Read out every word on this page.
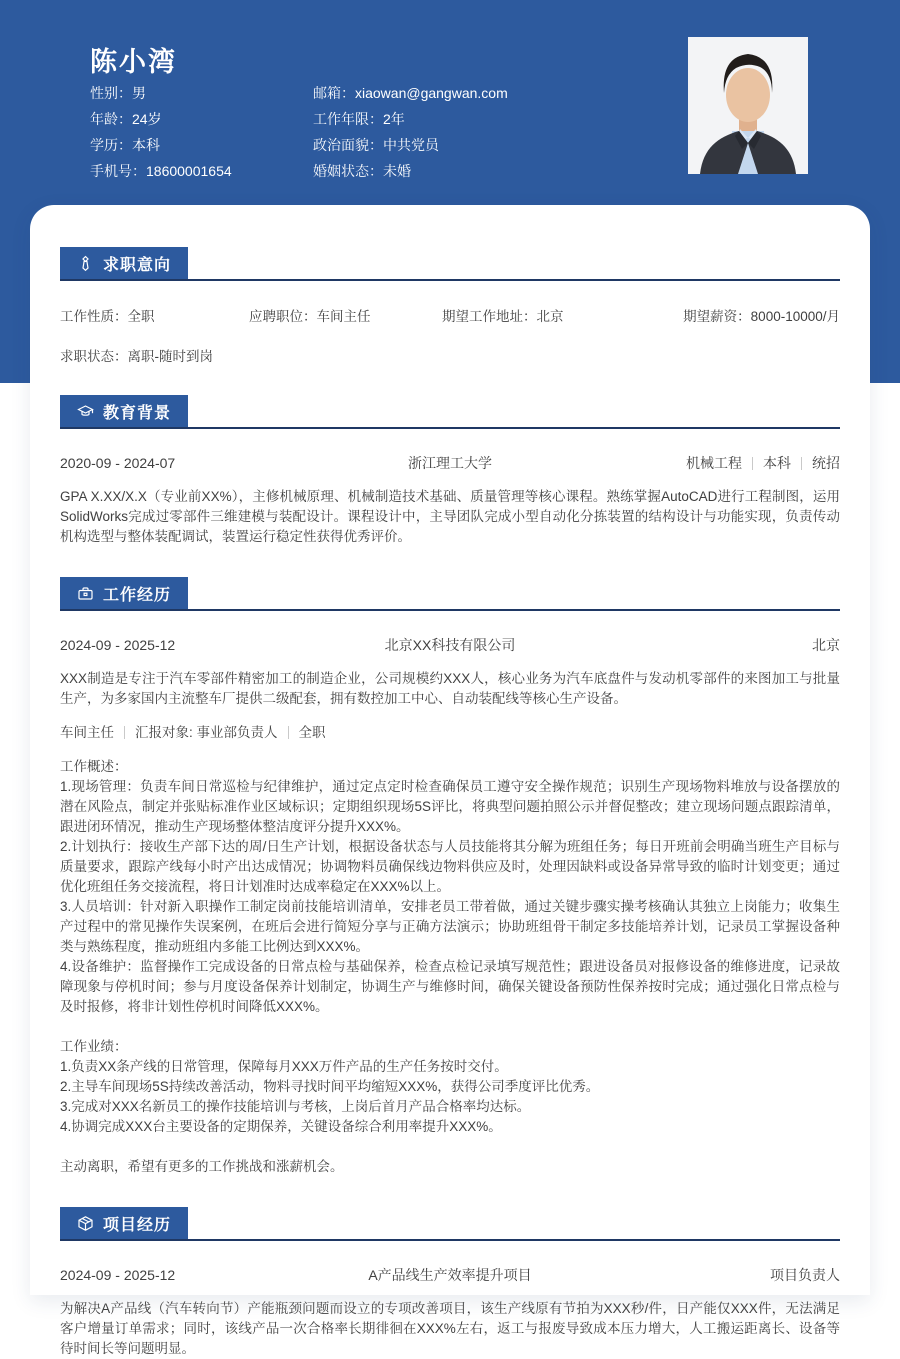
陈小湾
性别：男	邮箱：xiaowan@gangwan.com
年龄：24岁	工作年限：2年
学历：本科	政治面貌：中共党员
手机号：18600001654	婚姻状态：未婚
求职意向
工作性质：全职	应聘职位：车间主任	期望工作地址：北京	期望薪资：8000-10000/月
求职状态：离职-随时到岗
教育背景
2020-09 - 2024-07	浙江理工大学	机械工程 本科 统招

GPA X.XX/X.X（专业前XX%），主修机械原理、机械制造技术基础、质量管理等核心课程。熟练掌握AutoCAD进行工程制图，运用SolidWorks完成过零部件三维建模与装配设计。课程设计中，主导团队完成小型自动化分拣装置的结构设计与功能实现，负责传动机构选型与整体装配调试，装置运行稳定性获得优秀评价。

工作经历
2024-09 - 2025-12	北京XX科技有限公司	北京

XXX制造是专注于汽车零部件精密加工的制造企业，公司规模约XXX人，核心业务为汽车底盘件与发动机零部件的来图加工与批量生产，为多家国内主流整车厂提供二级配套，拥有数控加工中心、自动装配线等核心生产设备。

车间主任 汇报对象: 事业部负责人 全职

工作概述：

1.现场管理：负责车间日常巡检与纪律维护，通过定点定时检查确保员工遵守安全操作规范；识别生产现场物料堆放与设备摆放的潜在风险点，制定并张贴标准作业区域标识；定期组织现场5S评比，将典型问题拍照公示并督促整改；建立现场问题点跟踪清单，跟进闭环情况，推动生产现场整体整洁度评分提升XXX%。

2.计划执行：接收生产部下达的周/日生产计划，根据设备状态与人员技能将其分解为班组任务；每日开班前会明确当班生产目标与质量要求，跟踪产线每小时产出达成情况；协调物料员确保线边物料供应及时，处理因缺料或设备异常导致的临时计划变更；通过优化班组任务交接流程，将日计划准时达成率稳定在XXX%以上。

3.人员培训：针对新入职操作工制定岗前技能培训清单，安排老员工带着做，通过关键步骤实操考核确认其独立上岗能力；收集生产过程中的常见操作失误案例，在班后会进行简短分享与正确方法演示；协助班组骨干制定多技能培养计划，记录员工掌握设备种类与熟练程度，推动班组内多能工比例达到XXX%。

4.设备维护：监督操作工完成设备的日常点检与基础保养，检查点检记录填写规范性；跟进设备员对报修设备的维修进度，记录故障现象与停机时间；参与月度设备保养计划制定，协调生产与维修时间，确保关键设备预防性保养按时完成；通过强化日常点检与及时报修，将非计划性停机时间降低XXX%。

工作业绩：

1.负责XX条产线的日常管理，保障每月XXX万件产品的生产任务按时交付。

2.主导车间现场5S持续改善活动，物料寻找时间平均缩短XXX%，获得公司季度评比优秀。

3.完成对XXX名新员工的操作技能培训与考核，上岗后首月产品合格率均达标。

4.协调完成XXX台主要设备的定期保养，关键设备综合利用率提升XXX%。

主动离职，希望有更多的工作挑战和涨薪机会。

项目经历
2024-09 - 2025-12	A产品线生产效率提升项目	项目负责人

为解决A产品线（汽车转向节）产能瓶颈问题而设立的专项改善项目，该生产线原有节拍为XXX秒/件，日产能仅XXX件，无法满足客户增量订单需求；同时，该线产品一次合格率长期徘徊在XXX%左右，返工与报废导致成本压力增大，人工搬运距离长、设备等待时间长等问题明显。
